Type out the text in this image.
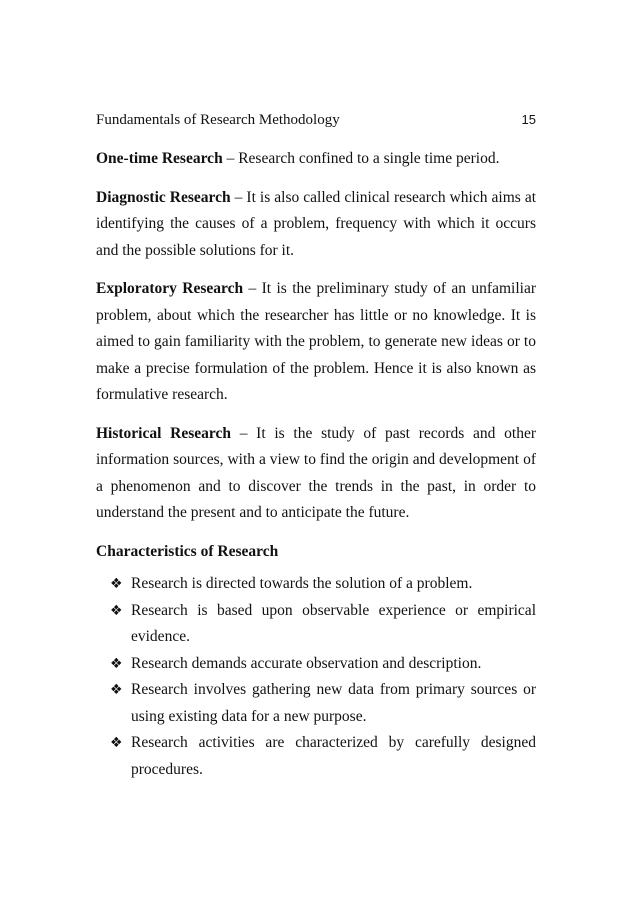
Fundamentals of Research Methodology	15

One-time Research – Research confined to a single time period.

Diagnostic Research – It is also called clinical research which aims at identifying the causes of a problem, frequency with which it occurs and the possible solutions for it.

Exploratory Research – It is the preliminary study of an unfamiliar problem, about which the researcher has little or no knowledge. It is aimed to gain familiarity with the problem, to generate new ideas or to make a precise formulation of the problem. Hence it is also known as formulative research.

Historical Research – It is the study of past records and other information sources, with a view to find the origin and development of a phenomenon and to discover the trends in the past, in order to understand the present and to anticipate the future.

Characteristics of Research

❖ Research is directed towards the solution of a problem.
❖ Research is based upon observable experience or empirical evidence.
❖ Research demands accurate observation and description.
❖ Research involves gathering new data from primary sources or using existing data for a new purpose.
❖ Research activities are characterized by carefully designed procedures.
